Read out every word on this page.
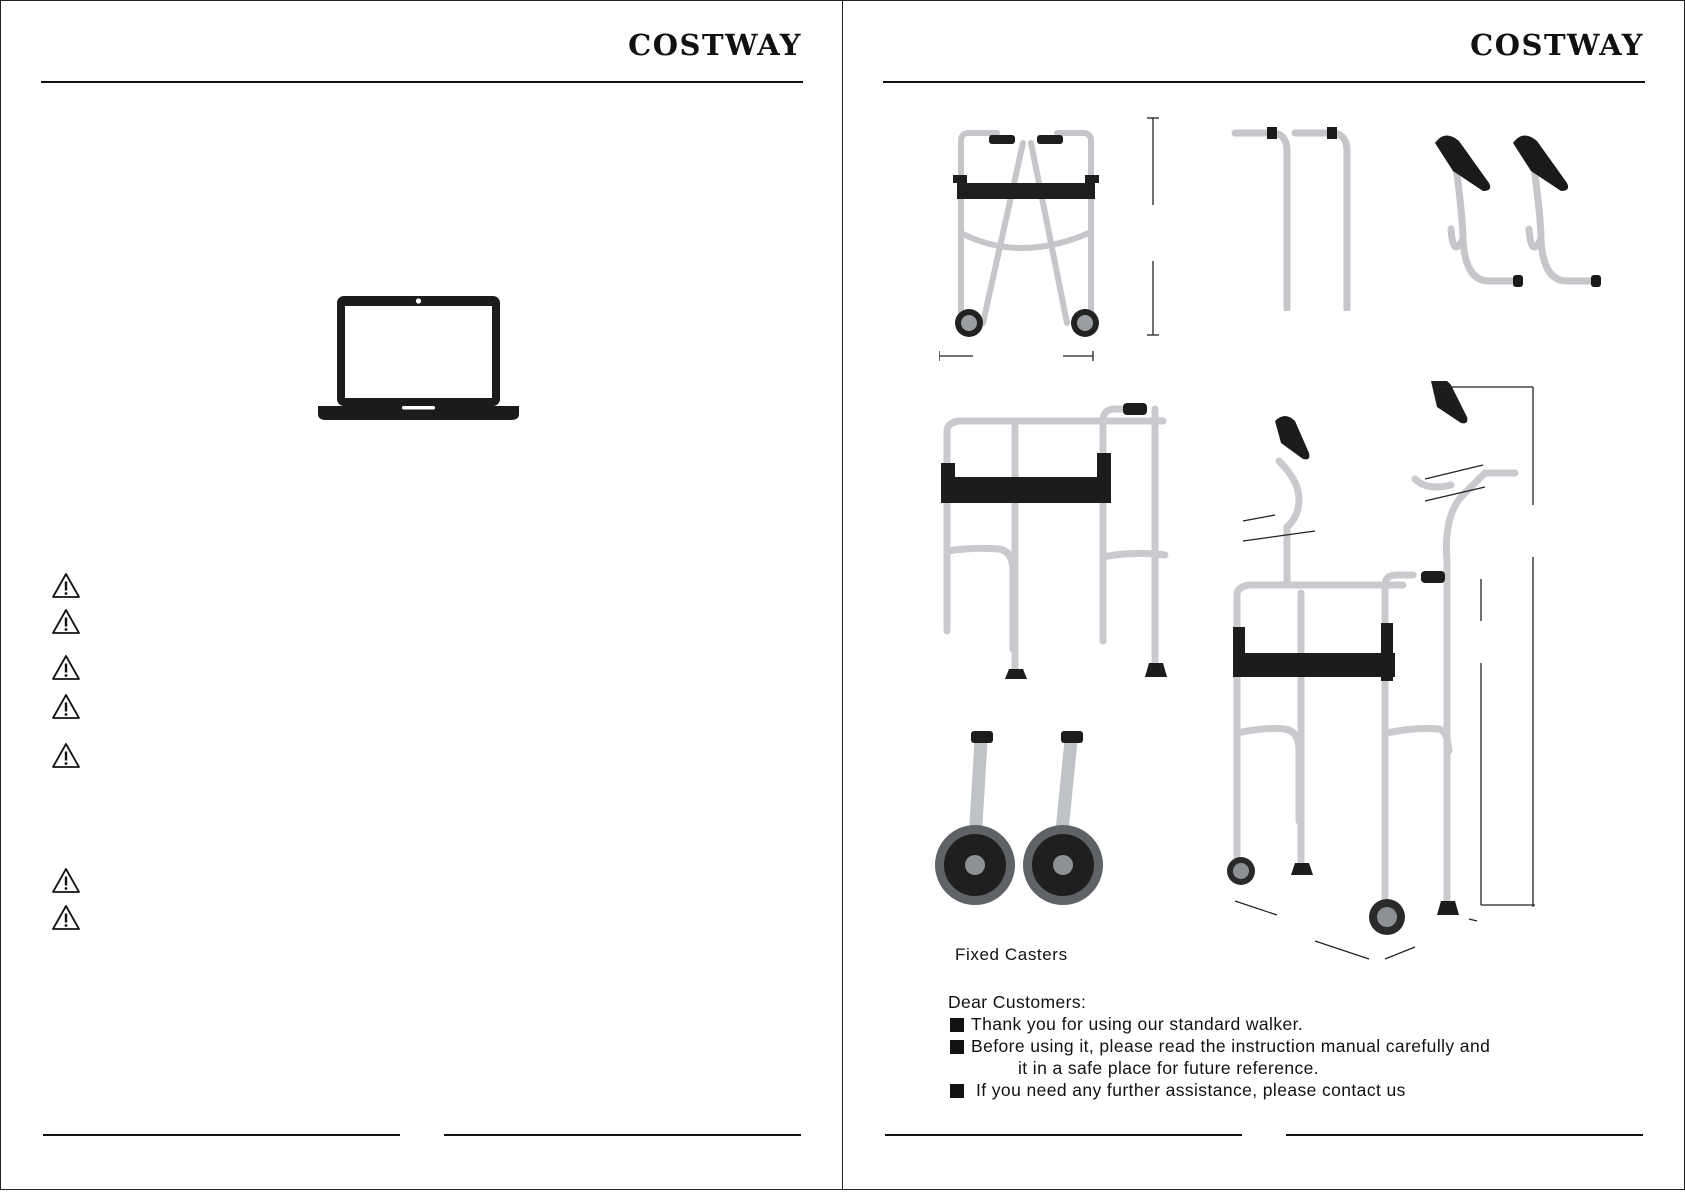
COSTWAY	COSTWAY
Fixed Casters
Dear Customers:
Thank you for using our standard walker.
Before using it, please read the instruction manual carefully and
it in a safe place for future reference.
If you need any further assistance, please contact us
